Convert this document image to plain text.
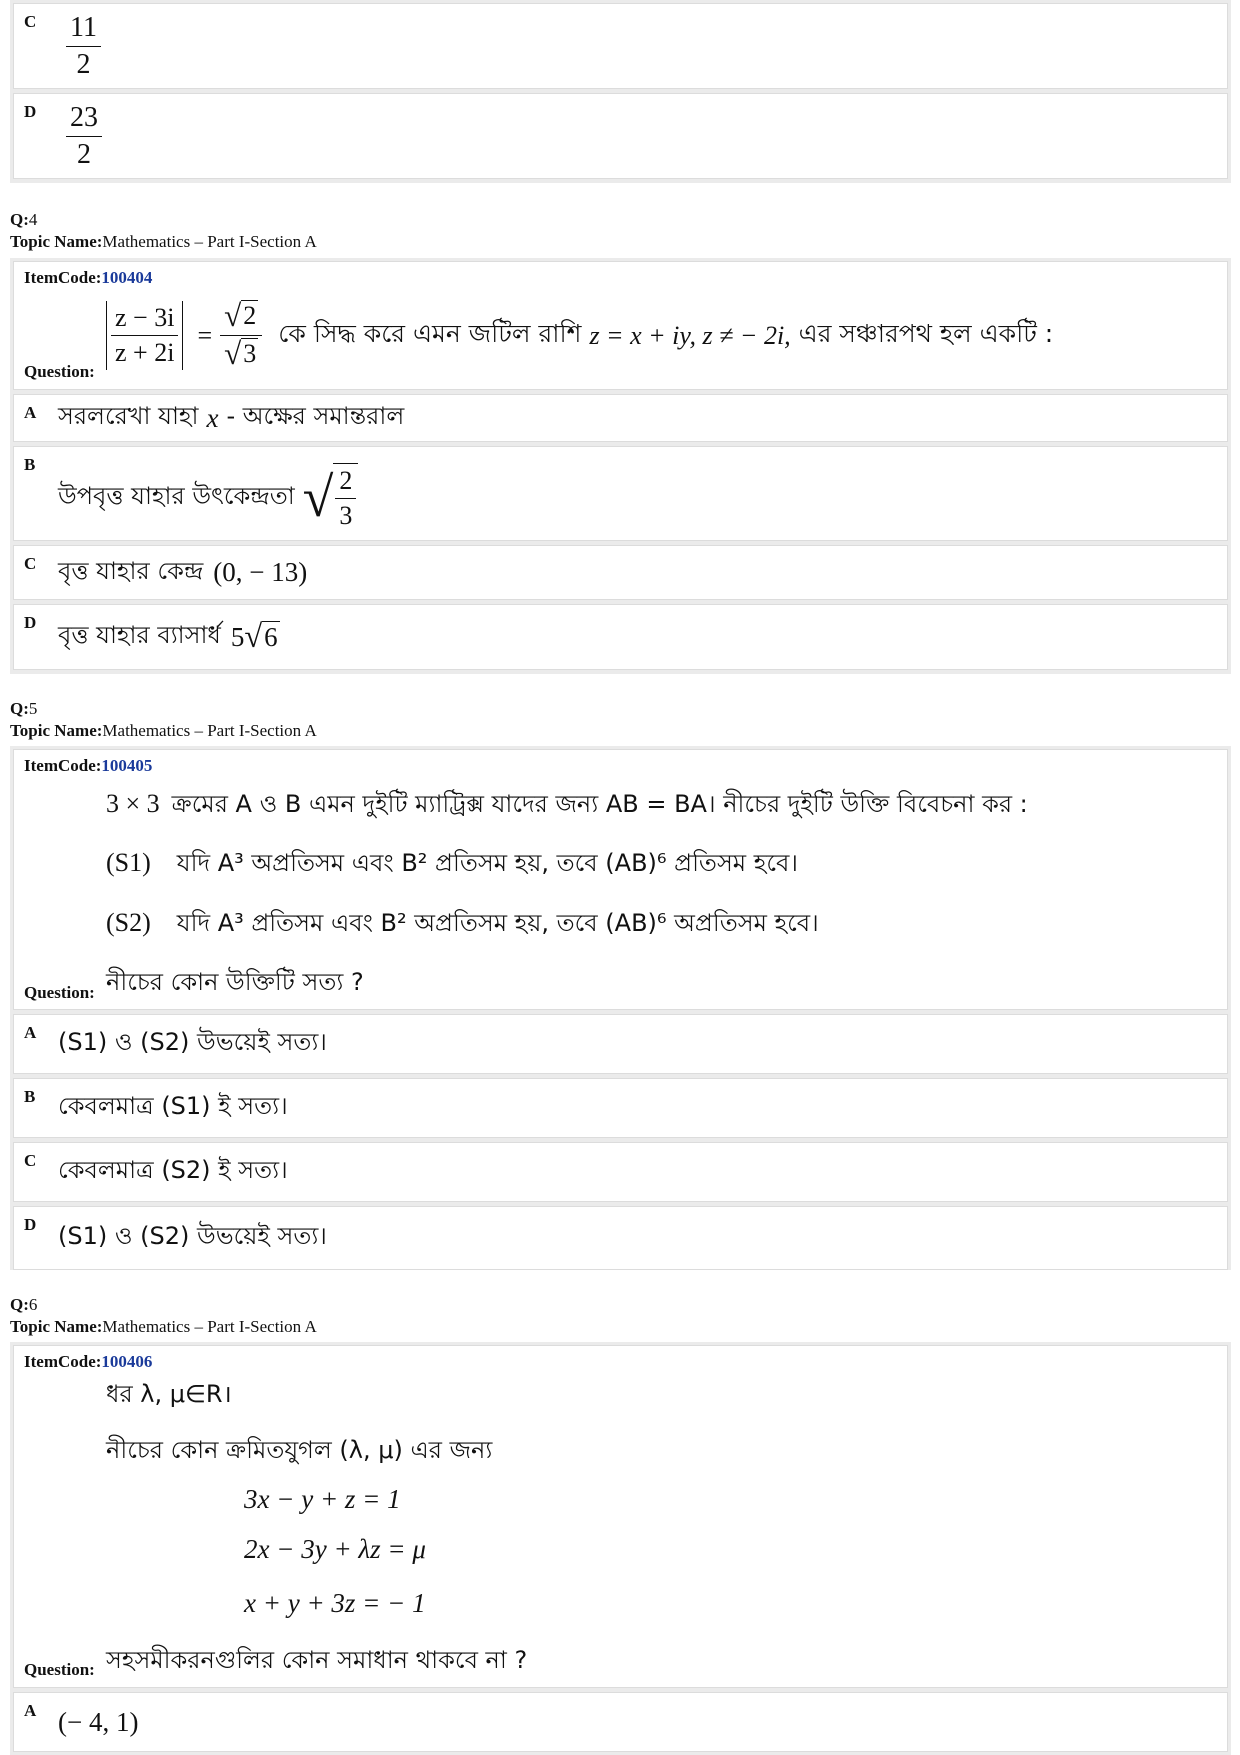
C $\frac{11}{2}$
D $\frac{23}{2}$
Q:4
Topic Name:Mathematics – Part I-Section A
ItemCode:100404
Question:
$\frac{z - 3i}{z + 2i} = \frac{√ 2}{√ 3}$ কে সিদ্ধ করে এমন জটিল রাশি z = x + iy, z ≠ − 2i, এর সঞ্চারপথ হল একটি :
A সরলরেখা যাহা x - অক্ষের সমান্তরাল
B
উপবৃত্ত যাহার উৎকেন্দ্রতা √ $\frac{2}{3}$
C বৃত্ত যাহার কেন্দ্র (0, − 13)
D বৃত্ত যাহার ব্যাসার্ধ 5 √ 6
Q:5
Topic Name:Mathematics – Part I-Section A
ItemCode:100405
3 × 3 ক্রমের A ও B এমন দুইটি ম্যাট্রিক্স যাদের জন্য AB = BA। নীচের দুইটি উক্তি বিবেচনা কর :
(S1) যদি A³ অপ্রতিসম এবং B² প্রতিসম হয়, তবে (AB)⁶ প্রতিসম হবে।
(S2) যদি A³ প্রতিসম এবং B² অপ্রতিসম হয়, তবে (AB)⁶ অপ্রতিসম হবে।
Question: নীচের কোন উক্তিটি সত্য ?
A (S1) ও (S2) উভয়েই সত্য।
B কেবলমাত্র (S1) ই সত্য।
C কেবলমাত্র (S2) ই সত্য।
D (S1) ও (S2) উভয়েই সত্য।
Q:6
Topic Name:Mathematics – Part I-Section A
ItemCode:100406
ধর λ, μ∈R।
নীচের কোন ক্রমিতযুগল (λ, μ) এর জন্য
3x − y + z = 1
2x − 3y + λz = μ
x + y + 3z = − 1
Question: সহসমীকরনগুলির কোন সমাধান থাকবে না ?
A (− 4, 1)
